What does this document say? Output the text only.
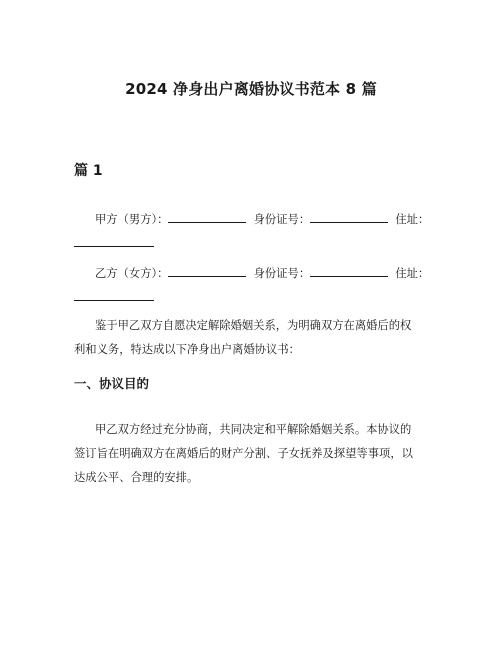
2024 净身出户离婚协议书范本 8 篇
篇 1
甲方（男方）：	身份证号：	住址：
乙方（女方）：	身份证号：	住址：
鉴于甲乙双方自愿决定解除婚姻关系，为明确双方在离婚后的权
利和义务，特达成以下净身出户离婚协议书：
一、协议目的
甲乙双方经过充分协商，共同决定和平解除婚姻关系。本协议的
签订旨在明确双方在离婚后的财产分割、子女抚养及探望等事项，以
达成公平、合理的安排。
